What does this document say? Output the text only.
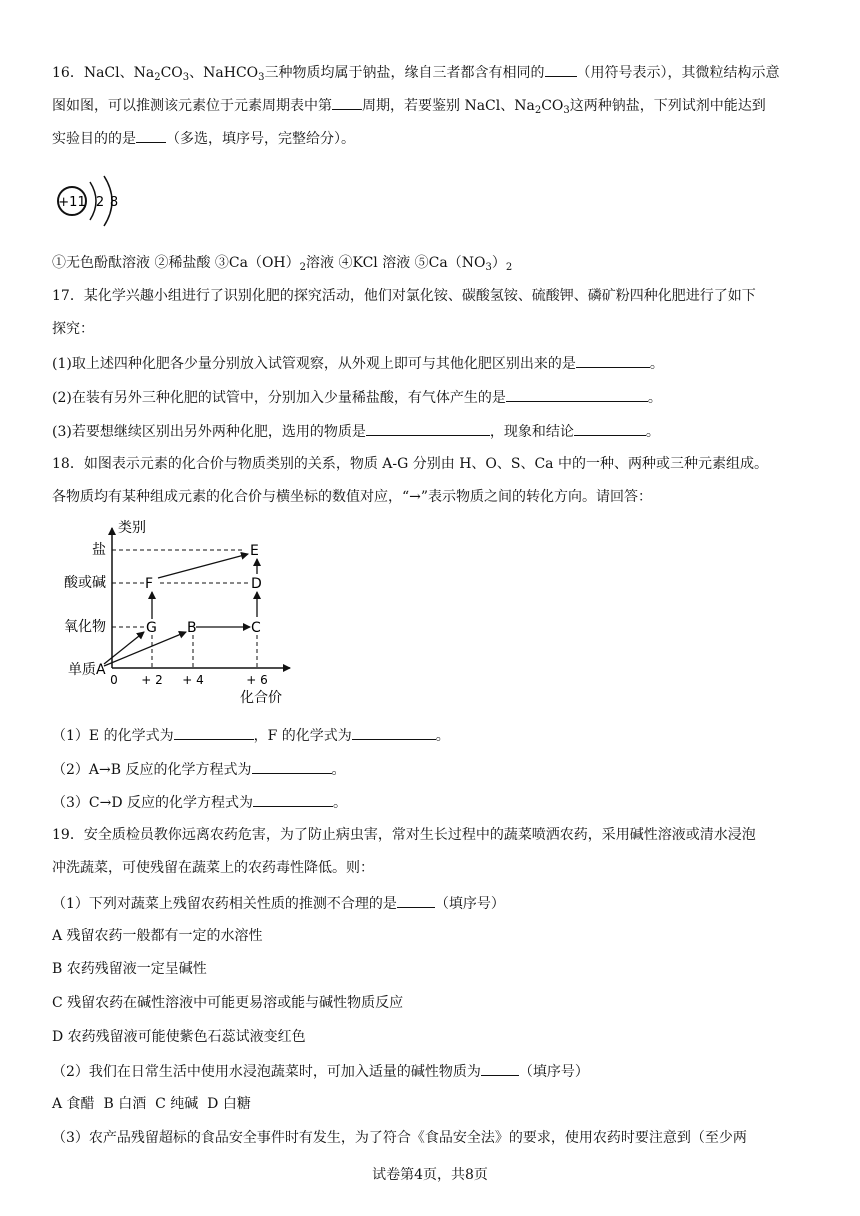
16．NaCl、$Na_2CO_3$、NaHCO$_3$三种物质均属于钠盐，缘自三者都含有相同的 （用符号表示），其微粒结构示意
图如图，可以推测该元素位于元素周期表中第 周期，若要鉴别 NaCl、$Na_2CO_3$这两种钠盐，下列试剂中能达到
实验目的的是 （多选，填序号，完整给分）。
+11 2 8
①无色酚酞溶液 ②稀盐酸 $③Ca(OH)_2$溶液 ④KCl 溶液 $⑤Ca(NO_3)_2$
17．某化学兴趣小组进行了识别化肥的探究活动，他们对氯化铵、碳酸氢铵、硫酸钾、磷矿粉四种化肥进行了如下
探究：
(1)取上述四种化肥各少量分别放入试管观察，从外观上即可与其他化肥区别出来的是	。
(2)在装有另外三种化肥的试管中，分别加入少量稀盐酸，有气体产生的是	。
(3)若要想继续区别出另外两种化肥，选用的物质是	，现象和结论	。
18．如图表示元素的化合价与物质类别的关系，物质 A-G 分别由 H、O、S、Ca 中的一种、两种或三种元素组成。
各物质均有某种组成元素的化合价与横坐标的数值对应，“→”表示物质之间的转化方向。请回答：
类别
化合价
单质
氧化物
酸或碱
盐
0 + 2 + 4	+ 6
A
G B	C
F	D
E
（1）E 的化学式为	，F 的化学式为	。
（2）A→B 反应的化学方程式为	。
（3）C→D 反应的化学方程式为	。
19．安全质检员教你远离农药危害，为了防止病虫害，常对生长过程中的蔬菜喷洒农药，采用碱性溶液或清水浸泡
冲洗蔬菜，可使残留在蔬菜上的农药毒性降低。则：
（1）下列对蔬菜上残留农药相关性质的推测不合理的是	（填序号）
A 残留农药一般都有一定的水溶性
B 农药残留液一定呈碱性
C 残留农药在碱性溶液中可能更易溶或能与碱性物质反应
D 农药残留液可能使紫色石蕊试液变红色
（2）我们在日常生活中使用水浸泡蔬菜时，可加入适量的碱性物质为	（填序号）
A 食醋  B 白酒  C 纯碱  D 白糖
（3）农产品残留超标的食品安全事件时有发生，为了符合《食品安全法》的要求，使用农药时要注意到（至少两
试卷第4页，共8页
